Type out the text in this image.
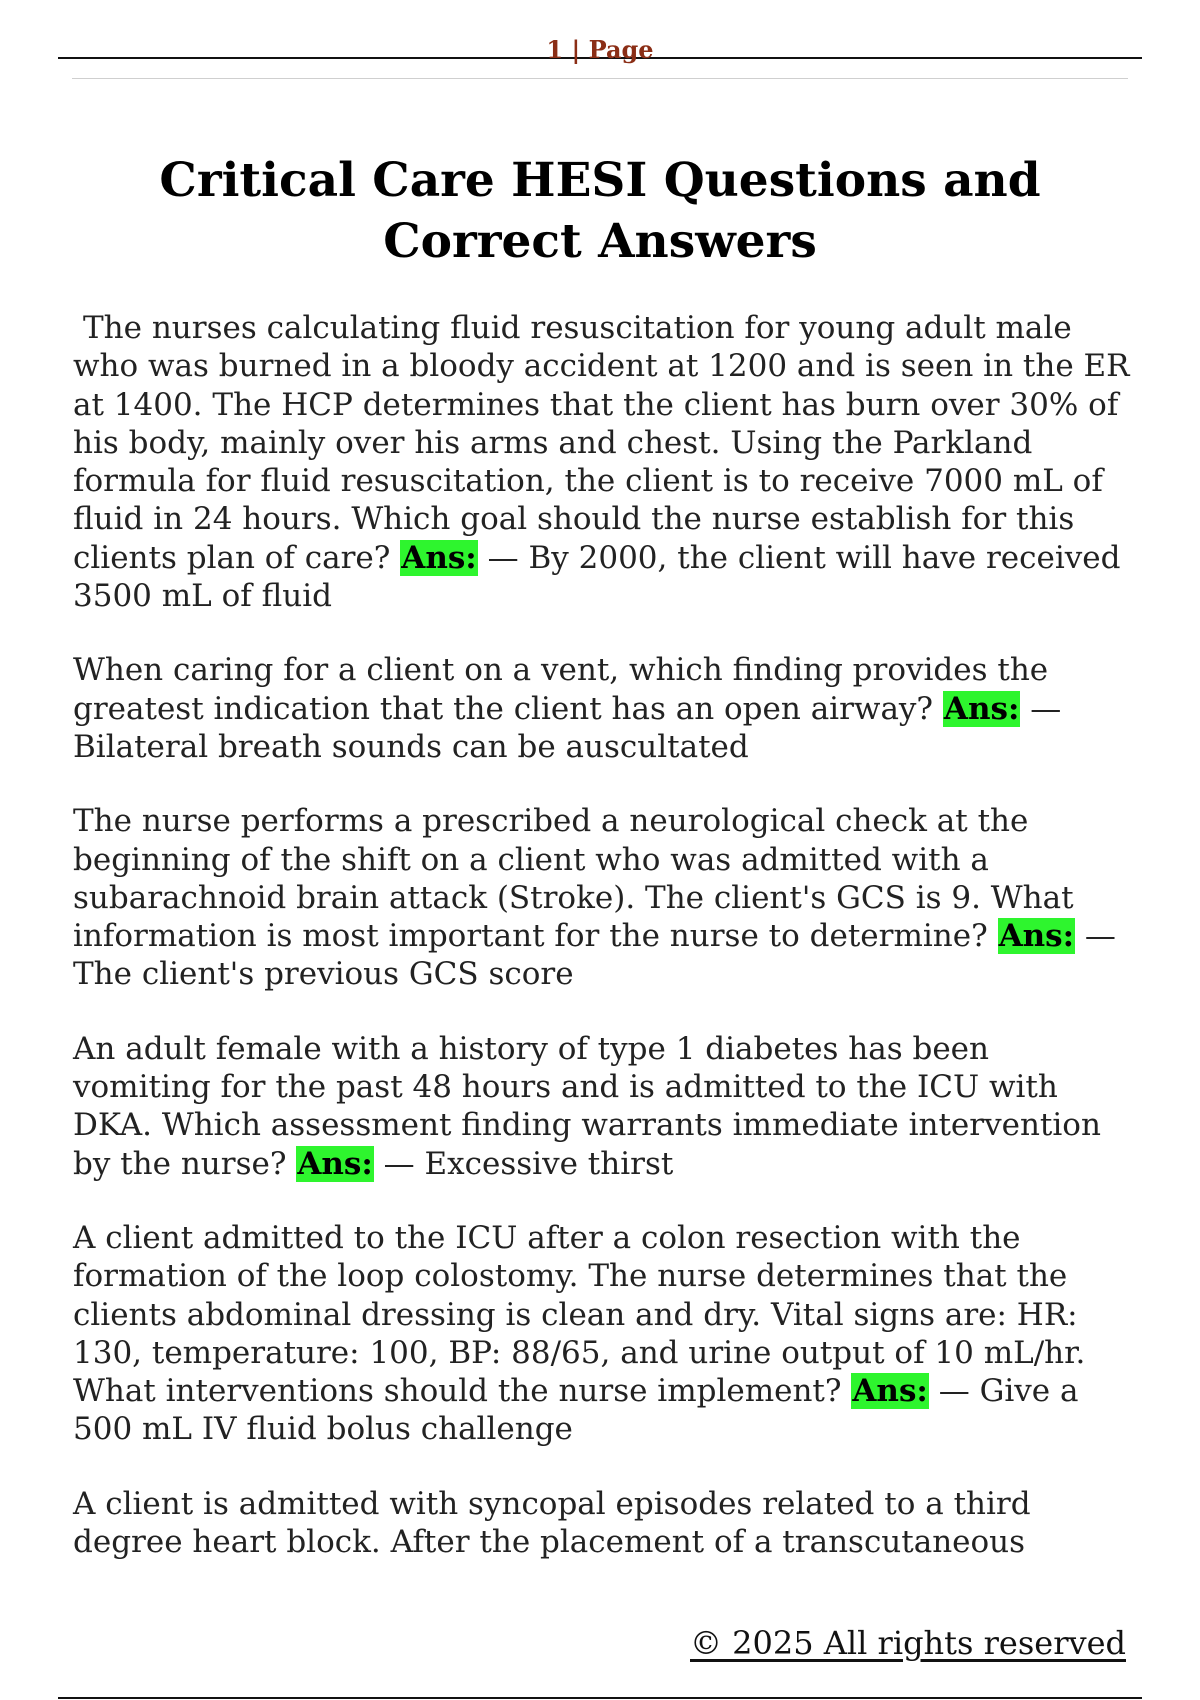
1 | Page
Critical Care HESI Questions and Correct Answers

The nurses calculating fluid resuscitation for young adult male who was burned in a bloody accident at 1200 and is seen in the ER at 1400. The HCP determines that the client has burn over 30% of his body, mainly over his arms and chest. Using the Parkland formula for fluid resuscitation, the client is to receive 7000 mL of fluid in 24 hours. Which goal should the nurse establish for this clients plan of care? Ans: — By 2000, the client will have received 3500 mL of fluid

When caring for a client on a vent, which finding provides the greatest indication that the client has an open airway? Ans: — Bilateral breath sounds can be auscultated

The nurse performs a prescribed a neurological check at the beginning of the shift on a client who was admitted with a subarachnoid brain attack (Stroke). The client's GCS is 9. What information is most important for the nurse to determine? Ans: — The client's previous GCS score

An adult female with a history of type 1 diabetes has been vomiting for the past 48 hours and is admitted to the ICU with DKA. Which assessment finding warrants immediate intervention by the nurse? Ans: — Excessive thirst

A client admitted to the ICU after a colon resection with the formation of the loop colostomy. The nurse determines that the clients abdominal dressing is clean and dry. Vital signs are: HR: 130, temperature: 100, BP: 88/65, and urine output of 10 mL/hr. What interventions should the nurse implement? Ans: — Give a 500 mL IV fluid bolus challenge

A client is admitted with syncopal episodes related to a third degree heart block. After the placement of a transcutaneous

© 2025 All rights reserved
